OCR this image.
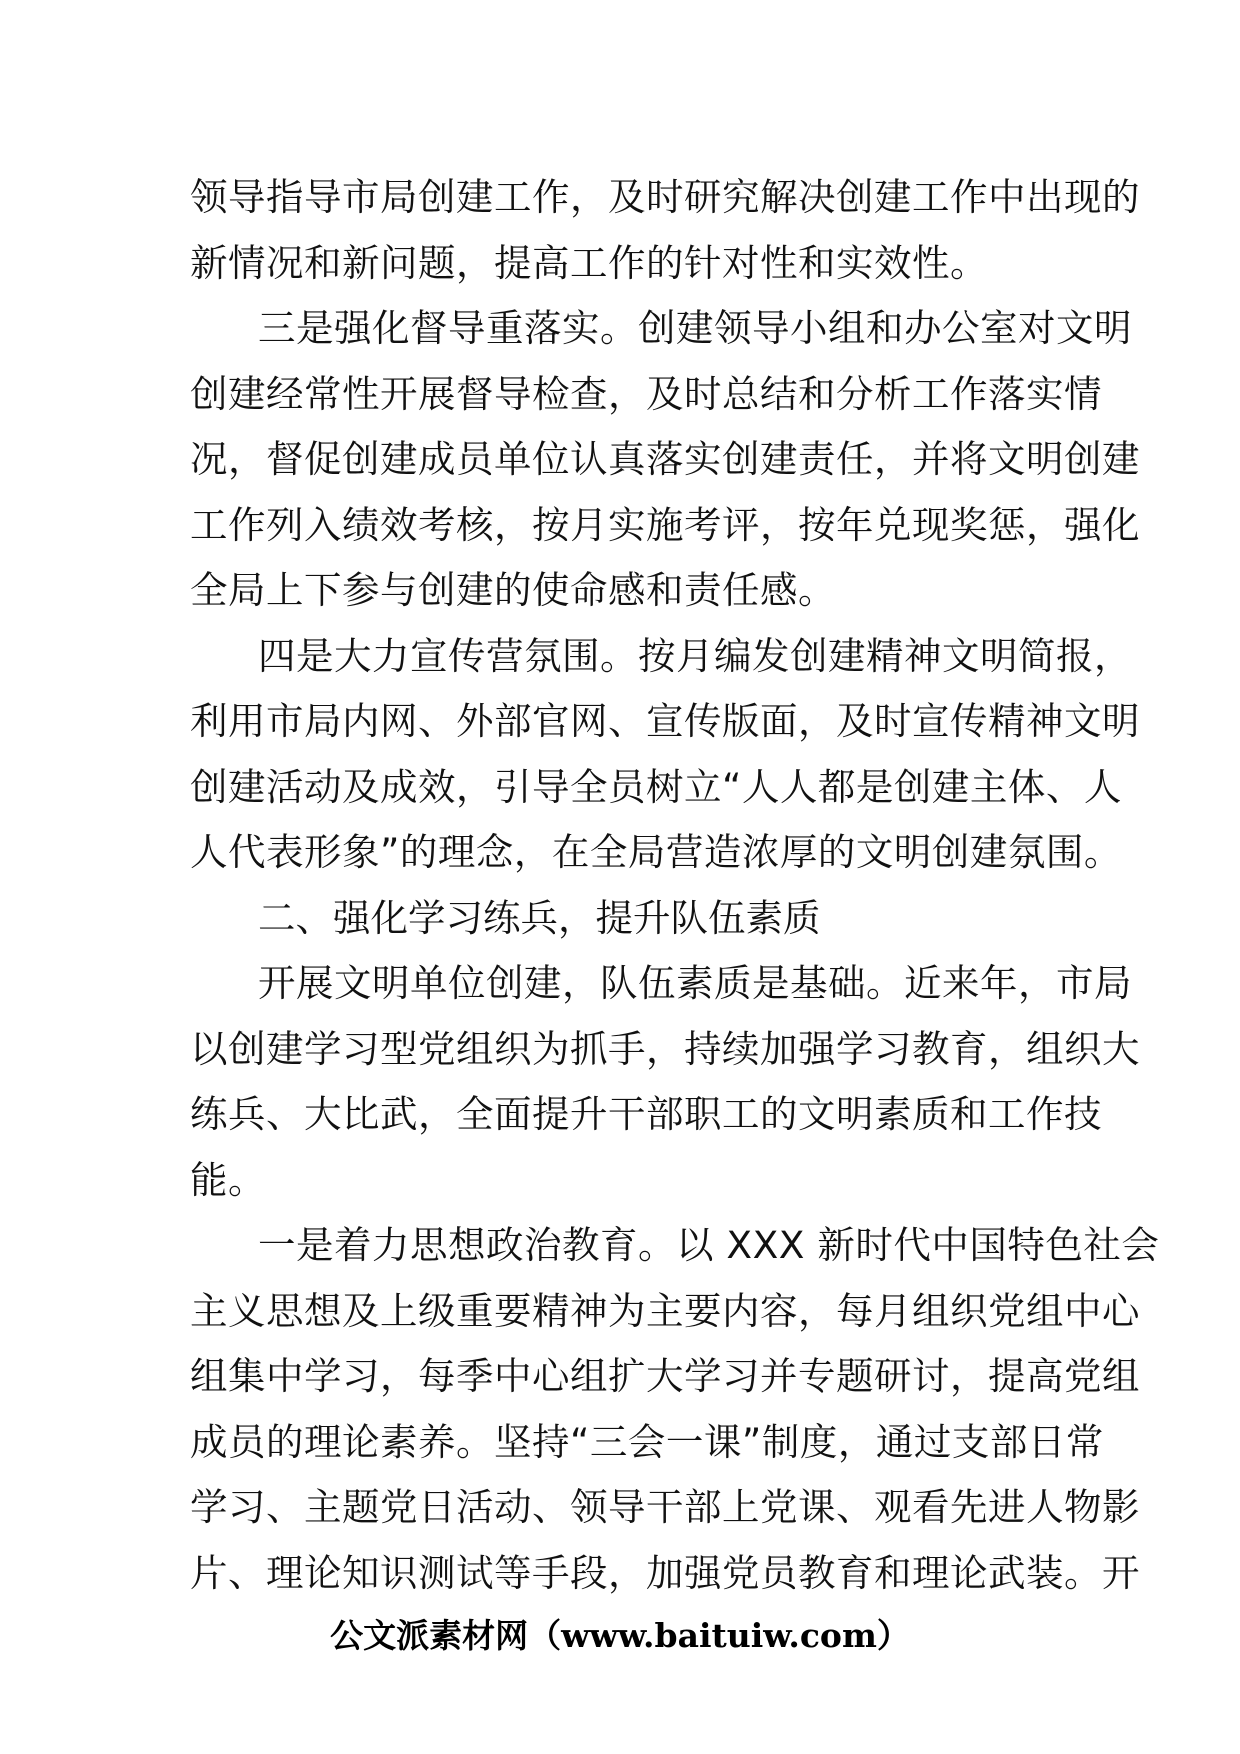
领导指导市局创建工作，及时研究解决创建工作中出现的
新情况和新问题，提高工作的针对性和实效性。
三是强化督导重落实。创建领导小组和办公室对文明
创建经常性开展督导检查，及时总结和分析工作落实情
况，督促创建成员单位认真落实创建责任，并将文明创建
工作列入绩效考核，按月实施考评，按年兑现奖惩，强化
全局上下参与创建的使命感和责任感。
四是大力宣传营氛围。按月编发创建精神文明简报，
利用市局内网、外部官网、宣传版面，及时宣传精神文明
创建活动及成效，引导全员树立“人人都是创建主体、人
人代表形象”的理念，在全局营造浓厚的文明创建氛围。
二、强化学习练兵，提升队伍素质
开展文明单位创建，队伍素质是基础。近来年，市局
以创建学习型党组织为抓手，持续加强学习教育，组织大
练兵、大比武，全面提升干部职工的文明素质和工作技
能。
一是着力思想政治教育。以 XXX 新时代中国特色社会
主义思想及上级重要精神为主要内容，每月组织党组中心
组集中学习，每季中心组扩大学习并专题研讨，提高党组
成员的理论素养。坚持“三会一课”制度，通过支部日常
学习、主题党日活动、领导干部上党课、观看先进人物影
片、理论知识测试等手段，加强党员教育和理论武装。开
公文派素材网（www.baituiw.com）
